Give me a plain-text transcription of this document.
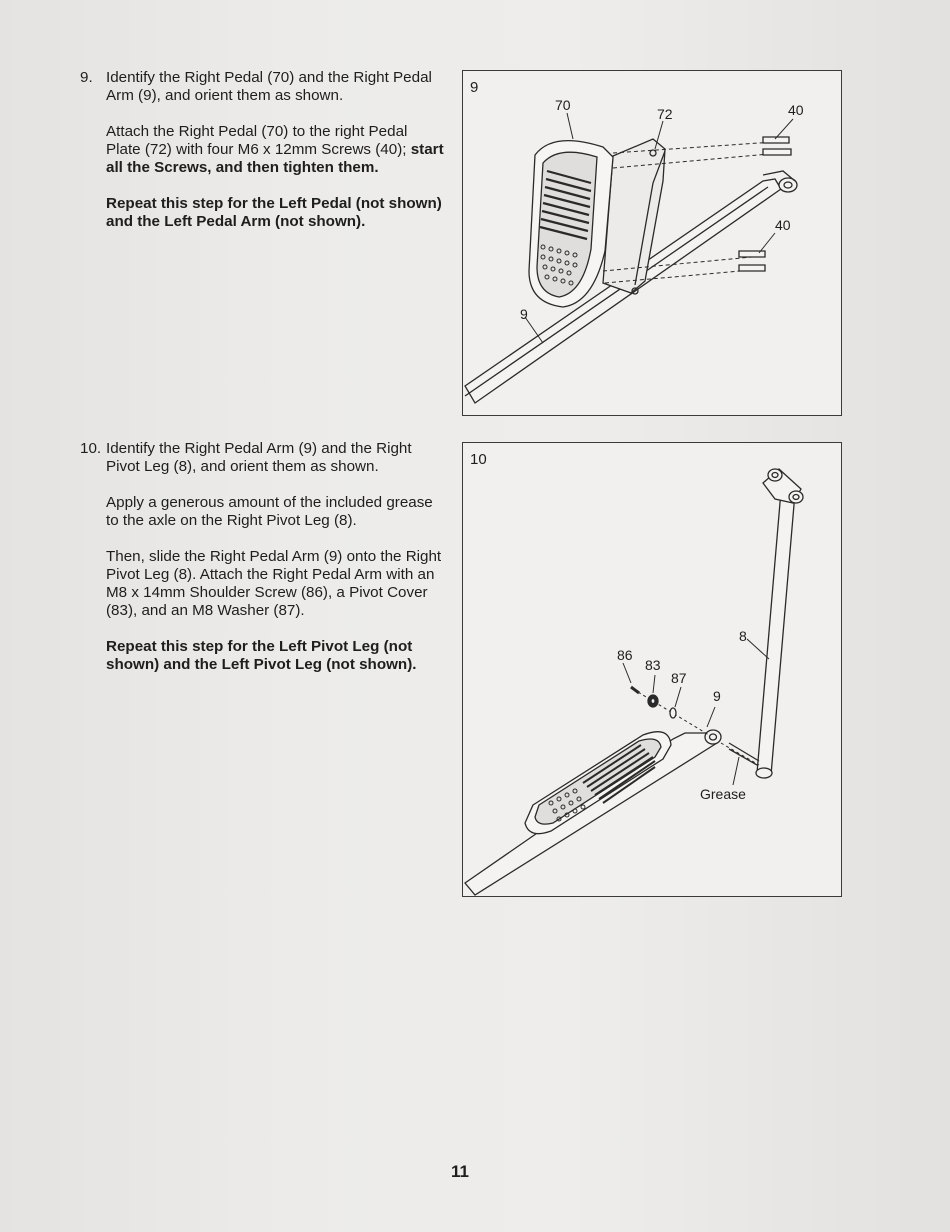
9. Identify the Right Pedal (70) and the Right Pedal Arm (9), and orient them as shown.

Attach the Right Pedal (70) to the right Pedal Plate (72) with four M6 x 12mm Screws (40); start all the Screws, and then tighten them.

Repeat this step for the Left Pedal (not shown) and the Left Pedal Arm (not shown).

10. Identify the Right Pedal Arm (9) and the Right Pivot Leg (8), and orient them as shown.

Apply a generous amount of the included grease to the axle on the Right Pivot Leg (8).

Then, slide the Right Pedal Arm (9) onto the Right Pivot Leg (8). Attach the Right Pedal Arm with an M8 x 14mm Shoulder Screw (86), a Pivot Cover (83), and an M8 Washer (87).

Repeat this step for the Left Pivot Leg (not shown) and the Left Pivot Leg (not shown).

9
70
72	40
40
9
10
8
86
83
87
9
Grease
11
